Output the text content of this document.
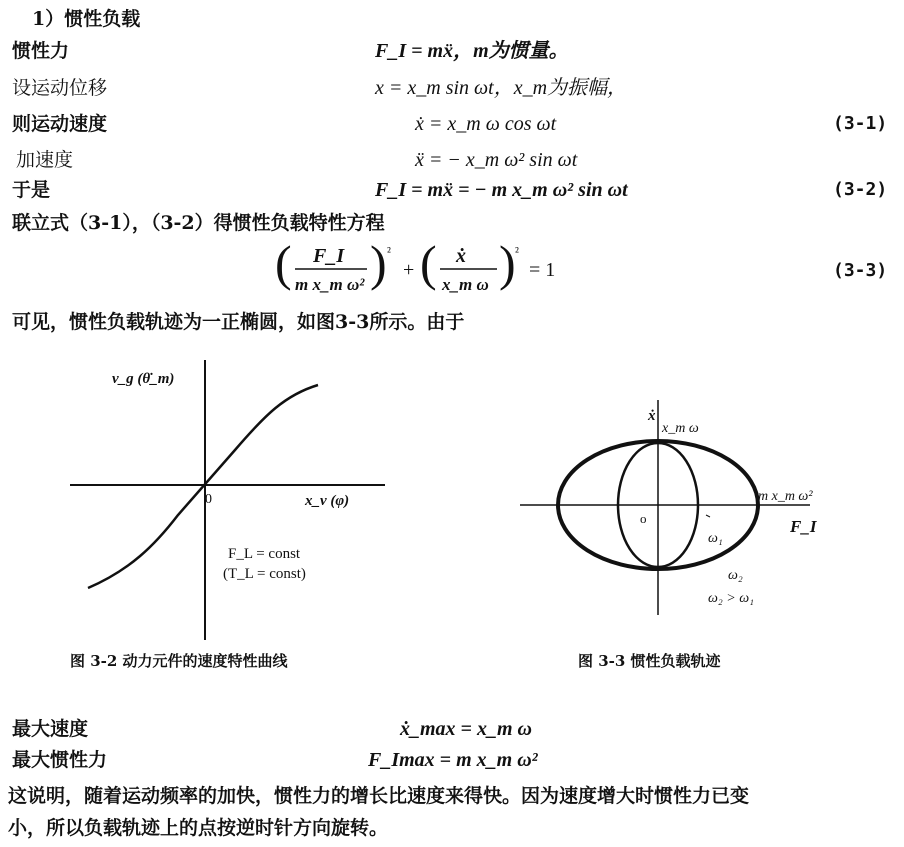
1）惯性负载
惯性力	F_I = mẍ，m为惯量。
设运动位移	x = x_m sin ωt，x_m为振幅，
则运动速度	ẋ = x_m ω cos ωt	(3-1)
加速度	ẍ = − x_m ω² sin ωt
于是	F_I = mẍ = − m x_m ω² sin ωt	(3-2)
联立式（3-1），（3-2）得惯性负载特性方程
( F_I
m x_m ω² ) ²
+ ( ẋ
x_m ω ) ²
= 1	(3-3)
可见，惯性负载轨迹为一正椭圆，如图3-3所示。由于
v_g (θ̇_m)
x_v (φ)
0
F_L = const
(T_L = const)
图 3-2 动力元件的速度特性曲线
ẋ
x_m ω
m x_m ω²
F_I
o
ω₁
ω₂
ω₂ > ω₁
图 3-3 惯性负载轨迹
最大速度	ẋ_max = x_m ω
最大惯性力	F_Imax = m x_m ω²
这说明，随着运动频率的加快，惯性力的增长比速度来得快。因为速度增大时惯性力已变
小，所以负载轨迹上的点按逆时针方向旋转。
